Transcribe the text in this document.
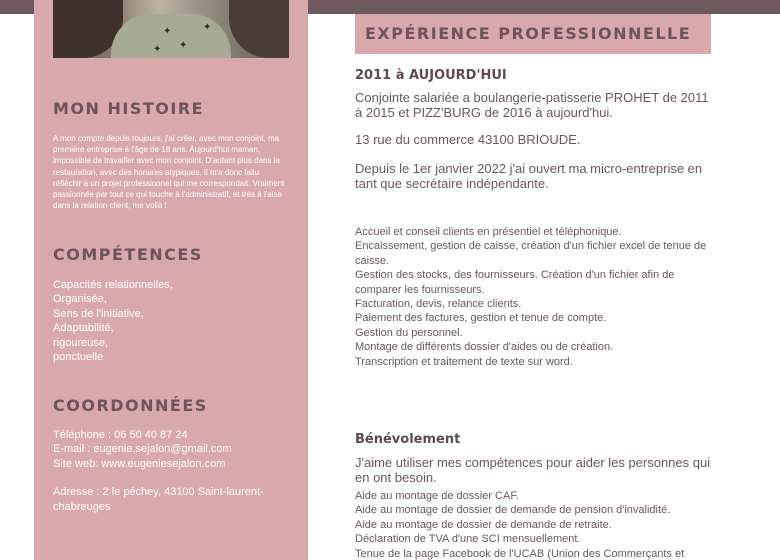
✦
✦
✦
✦
MON HISTOIRE
A mon compte depuis toujours, j'ai créer, avec mon conjoint, ma première entreprise à l'âge de 18 ans. Aujourd'hui maman, impossible de travailler avec mon conjoint. D'autant plus dans la restauration, avec des horaires atypiques. Il m'a donc fallu réfléchir à un projet professionnel qui me correspondait. Vraiment passionnée par tout ce qui touche à l'administratif, et très à l'aise dans la relation client, me voilà !
COMPÉTENCES
Capacités relationnelles,
Organisée,
Sens de l'initiative,
Adaptabilité,
rigoureuse,
ponctuelle
COORDONNÉES
Téléphone : 06 50 40 87 24
E-mail : eugenie.sejalon@gmail.com
Site web: www.eugeniesejalon.com
Adresse : 2 le péchey, 43100 Saint-laurent-chabreuges
EXPÉRIENCE PROFESSIONNELLE
2011 à AUJOURD'HUI
Conjointe salariée a boulangerie-patisserie PROHET de 2011 à 2015 et PIZZ'BURG de 2016 à aujourd'hui.
13 rue du commerce 43100 BRIOUDE.
Depuis le 1er janvier 2022 j'ai ouvert ma micro-entreprise en tant que secrétaire indépendante.
Accueil et conseil clients en présentiel et téléphonique.
Encaissement, gestion de caisse, création d'un fichier excel de tenue de caisse.
Gestion des stocks, des fournisseurs. Création d'un fichier afin de comparer les fournisseurs.
Facturation, devis, relance clients.
Paiement des factures, gestion et tenue de compte.
Gestion du personnel.
Montage de différents dossier d'aides ou de création.
Transcription et traitement de texte sur word.
Bénévolement
J'aime utiliser mes compétences pour aider les personnes qui en ont besoin.
Aide au montage de dossier CAF.
Aide au montage de dossier de demande de pension d'invalidité.
Aide au montage de dossier de demande de retraite.
Déclaration de TVA d'une SCI mensuellement.
Tenue de la page Facebook de l'UCAB (Union des Commerçants et
